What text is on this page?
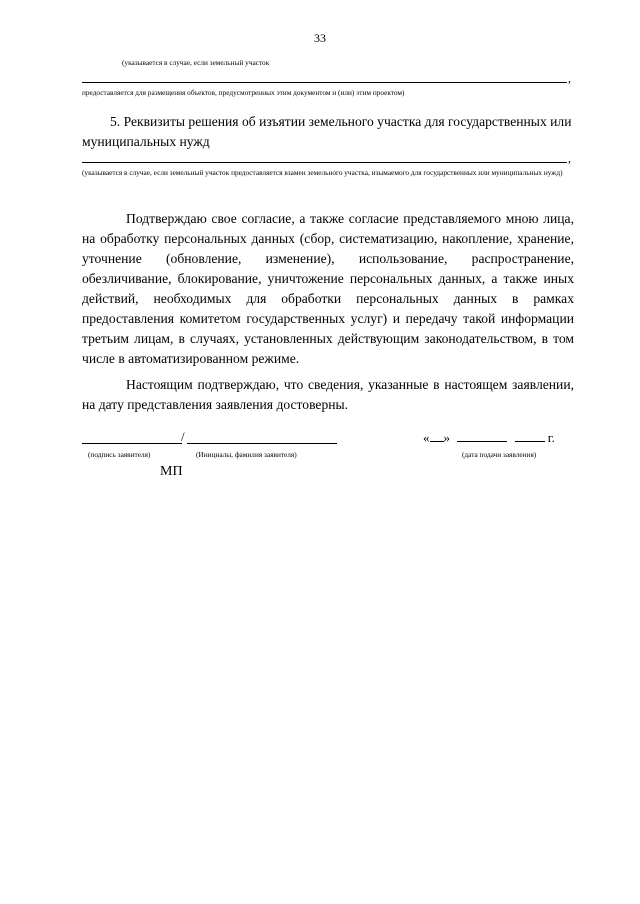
33
(указывается в случае, если земельный участок
,
предоставляется для размещения объектов, предусмотренных этим документом и (или) этим проектом)
5. Реквизиты решения об изъятии земельного участка для государственных или муниципальных нужд
,
(указывается в случае, если земельный участок предоставляется взамен земельного участка, изымаемого для государственных или муниципальных нужд)
Подтверждаю свое согласие, а также согласие представляемого мною лица, на обработку персональных данных (сбор, систематизацию, накопление, хранение, уточнение (обновление, изменение), использование, распространение, обезличивание, блокирование, уничтожение персональных данных, а также иных действий, необходимых для обработки персональных данных в рамках предоставления комитетом государственных услуг) и передачу такой информации третьим лицам, в случаях, установленных действующим законодательством, в том числе в автоматизированном режиме.
Настоящим подтверждаю, что сведения, указанные в настоящем заявлении, на дату представления заявления достоверны.
/	« »	г.
(подпись заявителя)	(Инициалы, фамилия заявителя)	(дата подачи заявления)
МП
